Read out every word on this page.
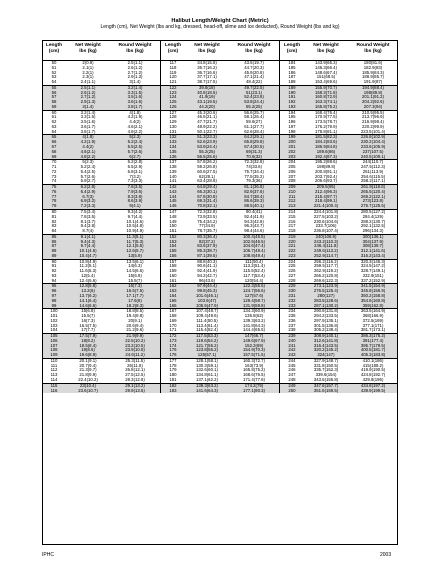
Halibut Length/Weight Chart (Metric)
Length (cm), Net Weight (lbs and kg, dressed, head-off, slime and ice deducted), Round Weight (lbs and kg)
Length
(cm)
50
51
52
53
54
55
56
57
58
59
60
61
62
63
64
65
66
67
68
69
70
71
72
73
74
75
76
77
78
79
80
81
82
83
84
85
86
87
88
89
90
91
92
93
94
95
96
97
98
99
100
101
102
103
104
105
106
107
108
109
110
111
112
113
114
115
116
Net Weight
lbs (kg)
2(0.9)
2.1(1)
2.2(1)
2.3(1)
2.4(1.1)
2.5(1.1)
2.6(1.2)
2.7(1.2)
2.9(1.3)
3(1.4)
3.2(1.4)
3.3(1.5)
3.5(1.6)
3.6(1.7)
3.8(1.7)
4(1.8)
4.2(1.9)
4.4(2)
4.6(2.1)
4.8(2.2)
5(2.3)
5.2(2.4)
5.4(2.5)
5.7(2.6)
5.9(2.7)
6.2(2.8)
6.4(2.9)
6.7(3)
6.9(3.2)
7.2(3.3)
7.5(3.4)
7.8(3.5)
8.1(3.7)
8.4(3.8)
8.7(4)
9.1(4.1)
9.4(4.3)
9.7(4.4)
10.1(4.6)
10.4(4.7)
10.8(4.9)
11.2(5.1)
11.6(5.3)
12(5.4)
12.4(5.6)
12.8(5.8)
13.2(6)
13.7(6.2)
14.1(6.4)
14.6(6.6)
15(6.8)
15.5(7)
16(7.3)
16.5(7.5)
17(7.7)
17.5(7.9)
18(8.2)
18.5(8.4)
19(8.6)
19.6(8.9)
20.1(9.1)
20.7(9.4)
21.3(9.7)
21.8(9.9)
22.4(10.2)
23(10.4)
23.6(10.7)
Round Weight
lbs (kg)
2.5(1.1)
2.6(1.2)
2.7(1.2)
2.9(1.3)
3(1.4)
3.2(1.4)
3.3(1.5)
3.5(1.6)
3.6(1.6)
3.8(1.7)
4(1.8)
4.2(1.9)
4.4(2)
4.6(2.1)
4.8(2.2)
5(2.3)
5.2(2.4)
5.5(2.5)
5.7(2.6)
6(2.7)
6.2(2.8)
6.5(2.9)
6.8(3.1)
7(3.2)
7.3(3.3)
7.6(3.5)
7.9(3.6)
8.3(3.8)
8.6(3.9)
9(4.1)
9.3(4.2)
9.7(4.4)
10.1(4.6)
10.5(4.8)
10.9(4.9)
11.3(5.1)
11.7(5.3)
12.1(5.5)
12.6(5.7)
13(5.9)
13.5(6.1)
14(6.3)
14.5(6.6)
15(6.8)
15.5(7)
16(7.3)
16.5(7.5)
17.1(7.7)
17.6(8)
18.2(8.3)
18.8(8.5)
19.4(8.8)
20(9.1)
20.6(9.4)
21.2(9.6)
21.9(9.9)
22.5(10.2)
23.2(10.5)
23.9(10.8)
24.6(11.2)
25.3(11.5)
26(11.8)
26.8(12.1)
27.5(12.5)
28.3(12.8)
29.1(13.2)
29.9(13.5)
Length
(cm)
117
118
119
120
121
122
123
124
125
126
127
128
129
130
131
132
133
134
135
136
137
138
139
140
141
142
143
144
145
146
147
148
149
150
151
152
153
154
155
156
157
158
159
160
161
162
163
164
165
166
167
168
169
170
171
172
173
174
175
176
177
178
179
180
181
182
183
Net Weight
lbs (kg)
34.8(15.8)
35.7(16.2)
36.7(16.6)
37.7(17.1)
38.7(17.5)
39.8(18)
40.8(18.5)
41.9(19)
43.1(19.5)
44.2(20)
45.3(20.6)
46.5(21.1)
47.7(21.7)
48.9(22.2)
50.1(22.7)
51.3(23.3)
52.6(23.9)
53.9(24.4)
55.2(25)
56.5(25.6)
57.8(26.2)
59.2(26.8)
60.6(27.5)
62(28.1)
63.4(28.8)
64.8(29.4)
66.3(30.1)
67.8(30.8)
69.3(31.4)
70.8(32.1)
72.3(32.8)
73.9(33.5)
75.4(34.2)
77(34.9)
78.7(35.7)
80.3(36.4)
82(37.2)
83.6(37.9)
85.3(38.7)
87.1(39.5)
88.8(40.3)
90.6(41.1)
92.4(41.9)
94.2(42.7)
96(43.6)
97.9(44.4)
99.8(45.3)
101.6(46.1)
103.6(47)
105.5(47.9)
107.4(48.7)
109.4(49.6)
111.4(50.5)
113.4(51.4)
115.4(52.4)
117.5(53.3)
119.6(54.2)
121.7(55.2)
123.8(56.2)
126(57.1)
128.1(58.1)
130.3(59.1)
132.6(60.1)
134.8(61.1)
137.1(62.2)
139.3(63.2)
141.6(64.3)
Round Weight
lbs (kg)
43.5(19.7)
44.7(20.3)
45.9(20.8)
47.1(21.4)
48.4(22)
49.7(22.5)
51(23.1)
52.4(23.8)
53.8(24.4)
55.2(25)
56.6(25.7)
58.1(26.4)
59.6(27)
61.1(27.7)
62.6(28.4)
64.2(29.1)
65.8(29.8)
67.4(30.5)
69(31.3)
70.6(32)
72.3(32.8)
74(33.6)
75.7(34.4)
77.5(35.2)
79.3(36)
81.1(36.8)
82.9(37.6)
84.7(38.4)
86.6(39.3)
88.5(40.1)
90.4(41)
92.4(41.9)
94.3(42.8)
96.3(43.7)
98.4(44.6)
100.4(45.5)
102.5(46.5)
104.6(47.4)
106.7(48.4)
108.8(49.4)
111(50.4)
113.2(51.4)
115.5(52.4)
117.7(53.4)
120(54.4)
122.3(55.5)
124.7(56.6)
127(57.6)
129.4(58.7)
131.9(59.8)
134.3(60.9)
136.8(62)
139.3(63.2)
141.8(64.3)
144.4(65.5)
147(66.7)
149.6(67.9)
152.2(69)
154.9(70.3)
157.5(71.5)
160.3(72.7)
163(73.9)
165.8(75.2)
168.6(76.5)
171.4(77.8)
174.2(79)
177.1(80.3)
Length
(cm)
184
185
186
187
188
189
190
191
192
193
194
195
196
197
198
199
200
201
202
203
204
205
206
207
208
209
210
211
212
213
214
215
216
217
218
219
220
221
222
223
224
225
226
227
228
229
230
231
232
233
234
235
236
237
238
239
240
241
242
243
244
245
246
247
248
249
250
Net Weight
lbs (kg)
143.9(65.3)
146.3(66.4)
148.6(67.4)
151(68.5)
153.4(69.6)
155.9(70.7)
158.3(71.8)
160.8(72.9)
163.3(74.1)
165.8(75.2)
168.4(76.4)
170.9(77.5)
173.5(78.7)
176.2(79.9)
178.8(81.1)
181.5(82.3)
184.2(83.6)
186.9(84.8)
189.6(86)
192.4(87.3)
195.2(88.6)
198(89.8)
200.8(91.1)
203.7(92.4)
206.6(93.7)
209.5(95)
212.4(96.3)
215.4(97.7)
218.4(99.1)
221.4(100.4)
224.4(101.8)
227.5(103.2)
230.6(104.6)
233.7(106)
236.8(107.4)
240(108.9)
243.2(110.3)
246.4(111.8)
249.6(113.2)
252.9(114.7)
256.2(116.2)
259.5(117.7)
262.9(119.2)
266.2(120.8)
269.6(122.3)
273.1(123.9)
276.5(125.4)
280(127)
283.5(128.6)
287.1(130.2)
290.6(131.8)
294.2(133.5)
297.9(135.1)
301.5(136.8)
305.2(138.4)
308.9(140.1)
312.6(141.8)
316.4(143.5)
320.2(145.2)
324(147)
327.9(148.7)
331.8(150.5)
335.7(152.3)
339.6(154)
343.6(155.8)
347.6(157.7)
351.6(159.5)
Round Weight
lbs (kg)
180(81.6)
182.9(83)
185.9(84.3)
188.9(85.7)
191.9(87)
194.9(88.4)
198(89.8)
201.1(91.2)
204.2(92.6)
207.3(94)
210.5(95.5)
213.7(96.9)
216.9(98.4)
220.2(99.9)
223.5(101.4)
226.8(102.9)
230.2(104.4)
233.6(105.9)
237(107.5)
240.5(109.1)
244(110.7)
247.5(112.3)
251(113.9)
254.6(115.5)
258.2(117.1)
261.9(118.8)
265.5(120.4)
269.2(122.1)
273(123.8)
276.7(125.5)
280.5(127.2)
284.4(129)
288.2(130.7)
292.1(132.5)
296(134.3)
300(136.1)
304(137.9)
308(139.7)
312.1(141.6)
316.2(143.4)
320.3(145.3)
324.5(147.2)
328.7(149.1)
332.9(151)
337.2(152.9)
341.5(154.9)
345.8(156.9)
350.2(158.8)
354.6(160.8)
359(162.8)
363.5(164.9)
368(166.9)
372.5(169)
377.1(171)
381.7(173.1)
386.3(175.2)
391(177.4)
395.7(179.5)
400.5(181.7)
405.3(183.8)
410.1(186)
415(188.2)
419.9(190.5)
424.8(192.7)
429.8(195)
434.8(197.2)
439.9(199.5)
IPHC	2003
